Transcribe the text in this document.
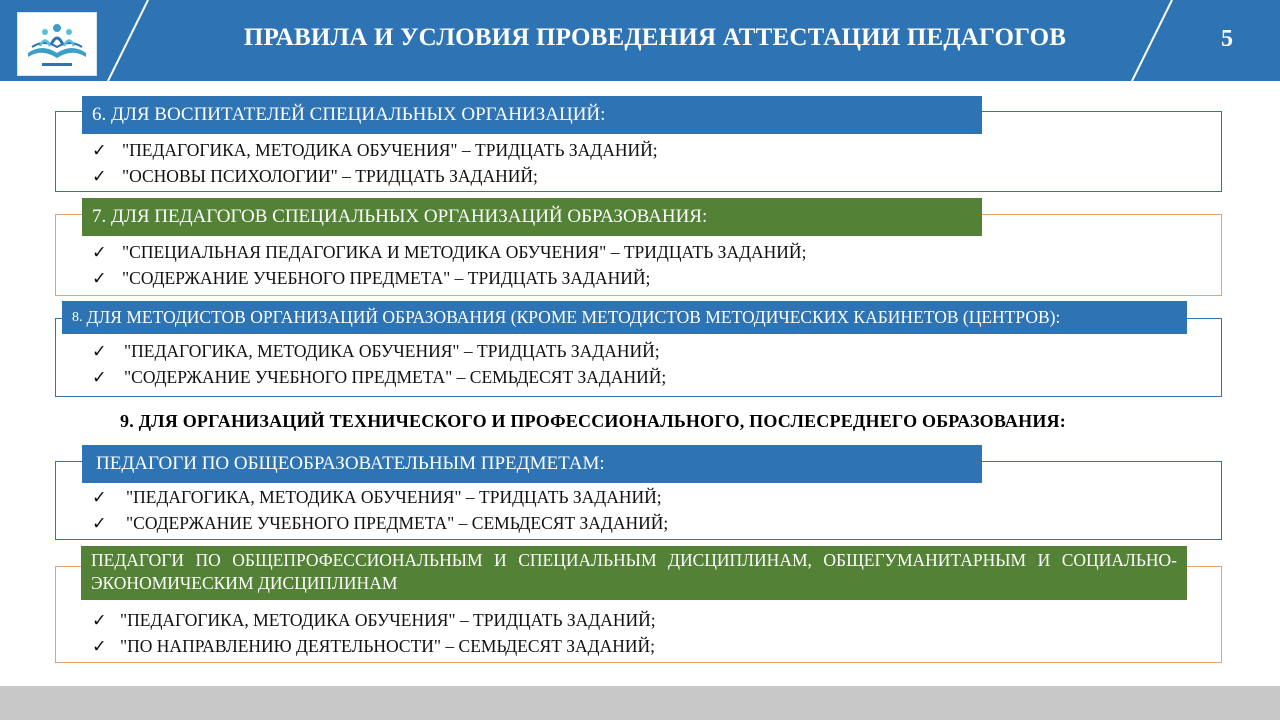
ПРАВИЛА И УСЛОВИЯ ПРОВЕДЕНИЯ АТТЕСТАЦИИ ПЕДАГОГОВ	5
6. ДЛЯ ВОСПИТАТЕЛЕЙ СПЕЦИАЛЬНЫХ ОРГАНИЗАЦИЙ:
✓ "ПЕДАГОГИКА, МЕТОДИКА ОБУЧЕНИЯ" – ТРИДЦАТЬ ЗАДАНИЙ;
✓ "ОСНОВЫ ПСИХОЛОГИИ" – ТРИДЦАТЬ ЗАДАНИЙ;
7. ДЛЯ ПЕДАГОГОВ СПЕЦИАЛЬНЫХ ОРГАНИЗАЦИЙ ОБРАЗОВАНИЯ:
✓ "СПЕЦИАЛЬНАЯ ПЕДАГОГИКА И МЕТОДИКА ОБУЧЕНИЯ" – ТРИДЦАТЬ ЗАДАНИЙ;
✓ "СОДЕРЖАНИЕ УЧЕБНОГО ПРЕДМЕТА" – ТРИДЦАТЬ ЗАДАНИЙ;
8. ДЛЯ МЕТОДИСТОВ ОРГАНИЗАЦИЙ ОБРАЗОВАНИЯ (КРОМЕ МЕТОДИСТОВ МЕТОДИЧЕСКИХ КАБИНЕТОВ (ЦЕНТРОВ):
✓ "ПЕДАГОГИКА, МЕТОДИКА ОБУЧЕНИЯ" – ТРИДЦАТЬ ЗАДАНИЙ;
✓ "СОДЕРЖАНИЕ УЧЕБНОГО ПРЕДМЕТА" – СЕМЬДЕСЯТ ЗАДАНИЙ;
9. ДЛЯ ОРГАНИЗАЦИЙ ТЕХНИЧЕСКОГО И ПРОФЕССИОНАЛЬНОГО, ПОСЛЕСРЕДНЕГО ОБРАЗОВАНИЯ:
ПЕДАГОГИ ПО ОБЩЕОБРАЗОВАТЕЛЬНЫМ ПРЕДМЕТАМ:
✓ "ПЕДАГОГИКА, МЕТОДИКА ОБУЧЕНИЯ" – ТРИДЦАТЬ ЗАДАНИЙ;
✓ "СОДЕРЖАНИЕ УЧЕБНОГО ПРЕДМЕТА" – СЕМЬДЕСЯТ ЗАДАНИЙ;
ПЕДАГОГИ ПО ОБЩЕПРОФЕССИОНАЛЬНЫМ И СПЕЦИАЛЬНЫМ ДИСЦИПЛИНАМ, ОБЩЕГУМАНИТАРНЫМ И СОЦИАЛЬНО-ЭКОНОМИЧЕСКИМ ДИСЦИПЛИНАМ
✓ "ПЕДАГОГИКА, МЕТОДИКА ОБУЧЕНИЯ" – ТРИДЦАТЬ ЗАДАНИЙ;
✓ "ПО НАПРАВЛЕНИЮ ДЕЯТЕЛЬНОСТИ" – СЕМЬДЕСЯТ ЗАДАНИЙ;
